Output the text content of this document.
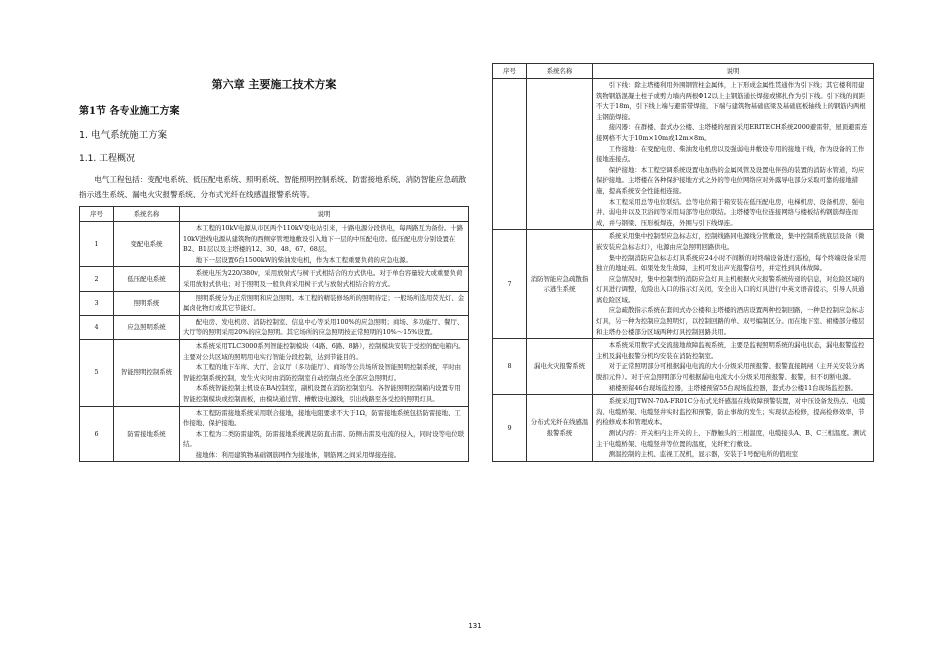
第六章 主要施工技术方案
第1节 各专业施工方案
1. 电气系统施工方案
1.1. 工程概况

电气工程包括：变配电系统、低压配电系统、照明系统、智能照明控制系统、防雷接地系统、消防智能应急疏散指示逃生系统、漏电火灾报警系统、分布式光纤在线感温报警系统等。

序号	系统名称	说明
1	变配电系统	本工程的10kV电源从市区两个110kV变电站引来，十路电源分段供电，每两路互为备份。十路10kV进线电源从建筑物的西侧穿管埋地敷设引入地下一层的中压配电房。低压配电房分别设置在B2、B1层以及主塔楼的12、30、48、67、68层。

地下一层设置6台1500kW的柴油发电机，作为本工程重要负荷的应急电源。

2	低压配电系统	系统电压为220/380v，采用放射式与树干式相结合的方式供电。对于单台容量较大或重要负荷采用放射式供电；对于照明及一般负荷采用树干式与放射式相结合的方式。

3	照明系统	照明系统分为正常照明和应急照明。本工程的精装修场所的照明待定；一般场所选用荧光灯、金属卤化物灯或其它节能灯。

4	应急照明系统	配电房、发电机房、消防控制室、信息中心等采用100%的应急照明；商场、多功能厅、餐厅、大厅等的照明采用20%的应急照明。其它场所的应急照明按正常照明的10%～15%设置。

5	智能照明控制系统	本系统采用TLC3000系列智能控制模块（4路、6路、8路），控制模块安装于受控的配电箱内。主要对公共区域的照明用电实行智能分段控制，达到节能目的。

本工程的地下车库、大厅、会议厅（多功能厅）、商场等公共场所设智能照明控制系统，平时由智能控制系统控制，发生火灾时由消防控制室自动控制点亮全部应急照明灯。

本系统智能控制主机设在BA控制室，副机设置在消防控制室内。各智能照明控制箱内设置专用智能控制模块或控制面板，由模块通过管、槽敷设电源线，引出线路至各受控的照明灯具。

6	防雷接地系统	本工程防雷接地系统采用联合接地，接地电阻要求不大于1Ω，防雷接地系统包括防雷接地、工作接地、保护接地。

本工程为二类防雷建筑，防雷接地系统满足防直击雷、防侧击雷及电流的侵入，同时设等电位联结。

接地体：利用建筑物基础钢筋网作为接地体，钢筋网之间采用焊接连接。

序号	系统名称	说明

		引下线：除主塔楼利用外围钢管柱金属体，上下形成金属性贯通作为引下线；其它楼利用建筑物钢筋混凝土柱子或剪力墙内两根Φ12以上主钢筋通长焊接或绑扎作为引下线。引下线的间距不大于18m，引下线上端与避雷带焊接，下端与建筑物基础底梁及基础底板轴线上的钢筋内两根主钢筋焊接。

接闪器：在群楼、套式办公楼、主塔楼的屋面采用ERITECH系统2000避雷带，屋顶避雷连接网格不大于10m×10m或12m×8m。

工作接地：在变配电房、柴油发电机房以及强弱电井敷设专用的接地干线，作为设备的工作接地连接点。

保护接地：本工程空调系统设置电加热的金属风管及设置电伴热的装置的消防水管道，均应保护接地。主塔楼在各种保护接地方式之外的等电位网络应对外露导电部分采取可靠的接地措施，提高系统安全性能相连接。

本工程采用总等电位联结。总等电位箱于箱安装在低压配电房，电梯机房、设备机房、强电井、弱电井以及卫浴间等采用局部等电位联结。主塔楼等电位连接网络与楼板结构钢筋焊连而成，并与钢梁、压形板焊连，外围与引下线焊连。

7	消防智能应急疏散指示逃生系统	系统采用集中控制型应急标志灯，控制线路同电源线分管敷设，集中控制系统底层设备（微嵌安装应急标志灯），电源由应急照明回路供电。

集中控制消防应急标志灯具系统应24小时不间断的对终端设备进行巡检，每个终端设备采用独立的地址码。如果处发生故障，主机可发出声光报警信号，并定性到具体故障。

应急情况时，集中控制型的消防应急灯具主机根据火灾报警系统传递的信息，对危险区域的灯具进行调整，危险出入口的指示灯关闭，安全出入口的灯具进行中英文语音提示，引导人员通离危险区域。

应急疏散指示系统在套间式办公楼和主塔楼的酒店设置两种控制回路，一种是控制应急标志灯具，另一种为控制应急照明灯，以控制回路的单、双号编制区分。而在地下室、裙楼部分楼层和主塔办公楼部分区域两种灯具控制回路共用。

8	漏电火灾报警系统	本系统采用数字式交流接地故障监视系统，主要是监视照明系统的漏电状态，漏电报警监控主机及漏电报警分机均安装在消防控制室。

对于正常照明部分可根据漏电电流的大小分级采用预报警、报警直接跳闸（主开关安装分离脱扣元件）。对于应急照明部分可根据漏电电流大小分级采用预报警、报警，但不切断电源。

裙楼预留46台现场监控器，主塔楼预留55台现场监控器，套式办公楼11台现场监控器。

9	分布式光纤在线感温报警系统	系统采用JTWN-70A-FR01C分布式光纤感温在线故障预警装置，对中压设备发热点、电缆沟、电缆桥架、电缆竖井实时监控和预警，防止事故的发生；实现状态检修，提高检修效率，节约检修成本和管理成本。

测试内容：开关柜内主开关的上、下静触头的三相温度，电缆接头A、B、C三相温度。测试主干电缆桥架、电缆竖井等位置的温度，光纤贮行敷设。

测温控制的主机、监视工况机，显示器，安装于1号配电所的值班室

131
